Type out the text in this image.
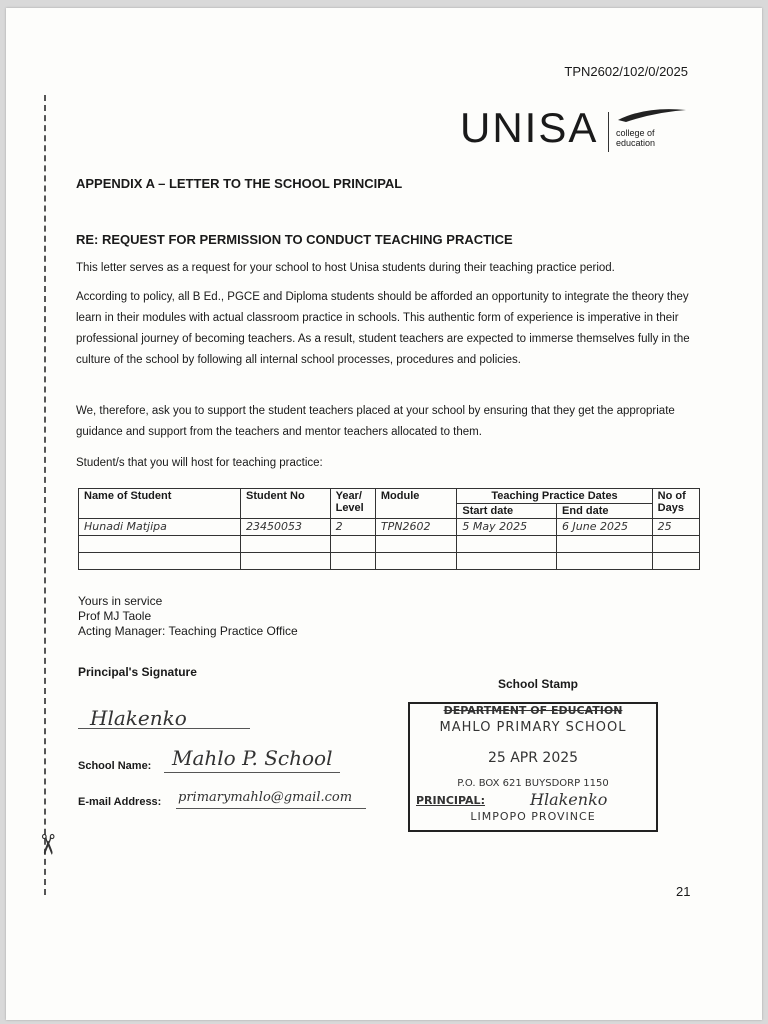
✂
TPN2602/102/0/2025
UNISA college of education
APPENDIX A – LETTER TO THE SCHOOL PRINCIPAL
RE: REQUEST FOR PERMISSION TO CONDUCT TEACHING PRACTICE
This letter serves as a request for your school to host Unisa students during their teaching practice period.
According to policy, all B Ed., PGCE and Diploma students should be afforded an opportunity to integrate the theory they learn in their modules with actual classroom practice in schools. This authentic form of experience is imperative in their professional journey of becoming teachers. As a result, student teachers are expected to immerse themselves fully in the culture of the school by following all internal school processes, procedures and policies.
We, therefore, ask you to support the student teachers placed at your school by ensuring that they get the appropriate guidance and support from the teachers and mentor teachers allocated to them.
Student/s that you will host for teaching practice:
Name of Student	Student No	Year/ Level	Module	Teaching Practice Dates		No of Days
				Start date	End date	
Hunadi Matjipa	23450053	2	TPN2602	5 May 2025	6 June 2025	25

Yours in service
Prof MJ Taole
Acting Manager: Teaching Practice Office
Principal's Signature
Hlakenko
School Name: Mahlo P. School
E-mail Address: primarymahlo@gmail.com
School Stamp
DEPARTMENT OF EDUCATION
MAHLO PRIMARY SCHOOL
25 APR 2025
P.O. BOX 621 BUYSDORP 1150
PRINCIPAL:	Hlakenko
LIMPOPO PROVINCE
21
